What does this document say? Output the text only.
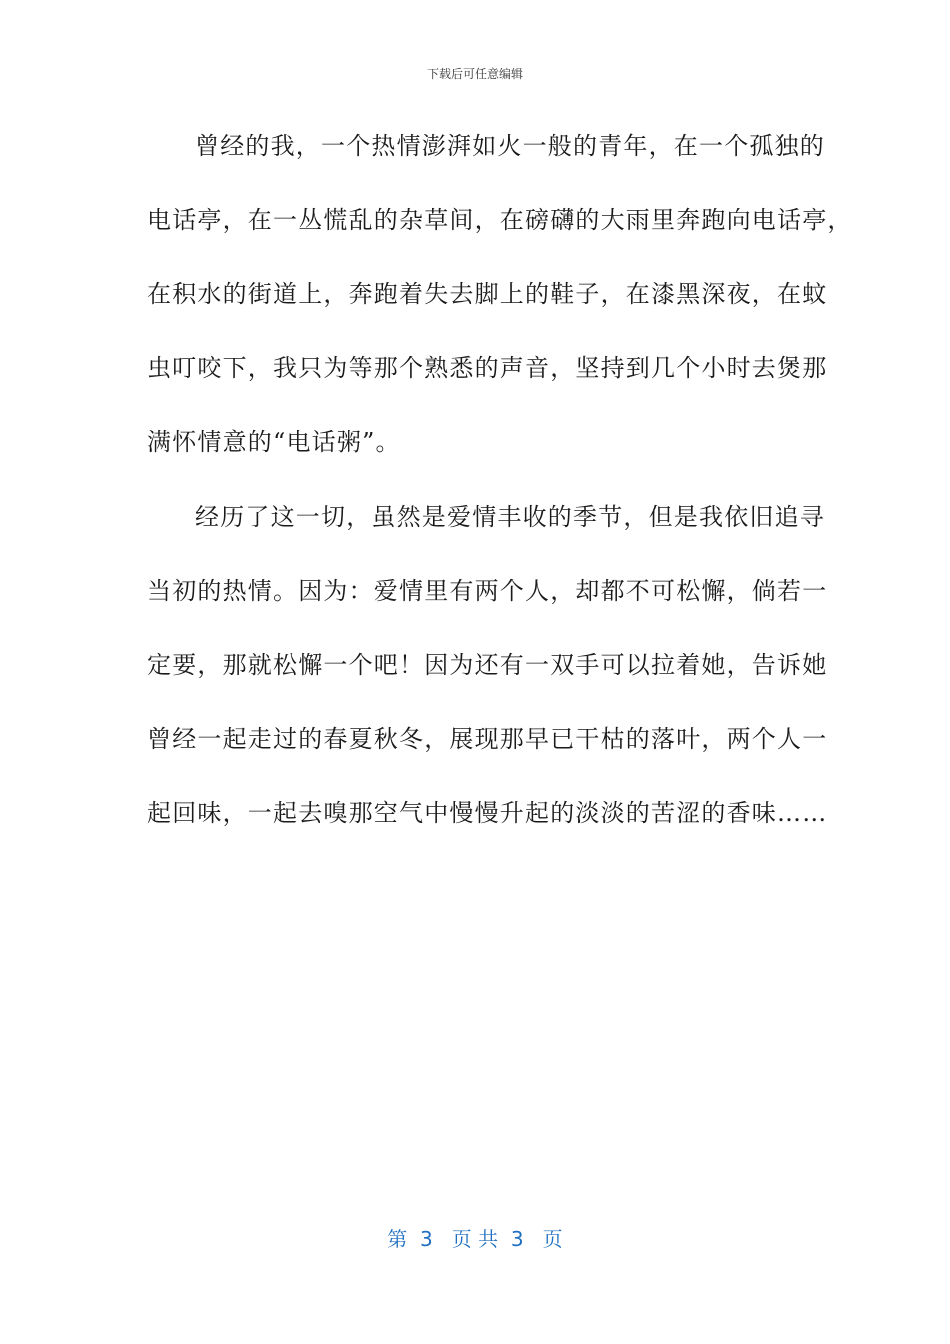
下载后可任意编辑
曾经的我，一个热情澎湃如火一般的青年，在一个孤独的
电话亭，在一丛慌乱的杂草间，在磅礴的大雨里奔跑向电话亭，
在积水的街道上，奔跑着失去脚上的鞋子，在漆黑深夜，在蚊
虫叮咬下，我只为等那个熟悉的声音，坚持到几个小时去煲那
满怀情意的“电话粥”。
经历了这一切，虽然是爱情丰收的季节，但是我依旧追寻
当初的热情。因为：爱情里有两个人，却都不可松懈，倘若一
定要，那就松懈一个吧！因为还有一双手可以拉着她，告诉她
曾经一起走过的春夏秋冬，展现那早已干枯的落叶，两个人一
起回味，一起去嗅那空气中慢慢升起的淡淡的苦涩的香味……
第  3   页 共  3   页
